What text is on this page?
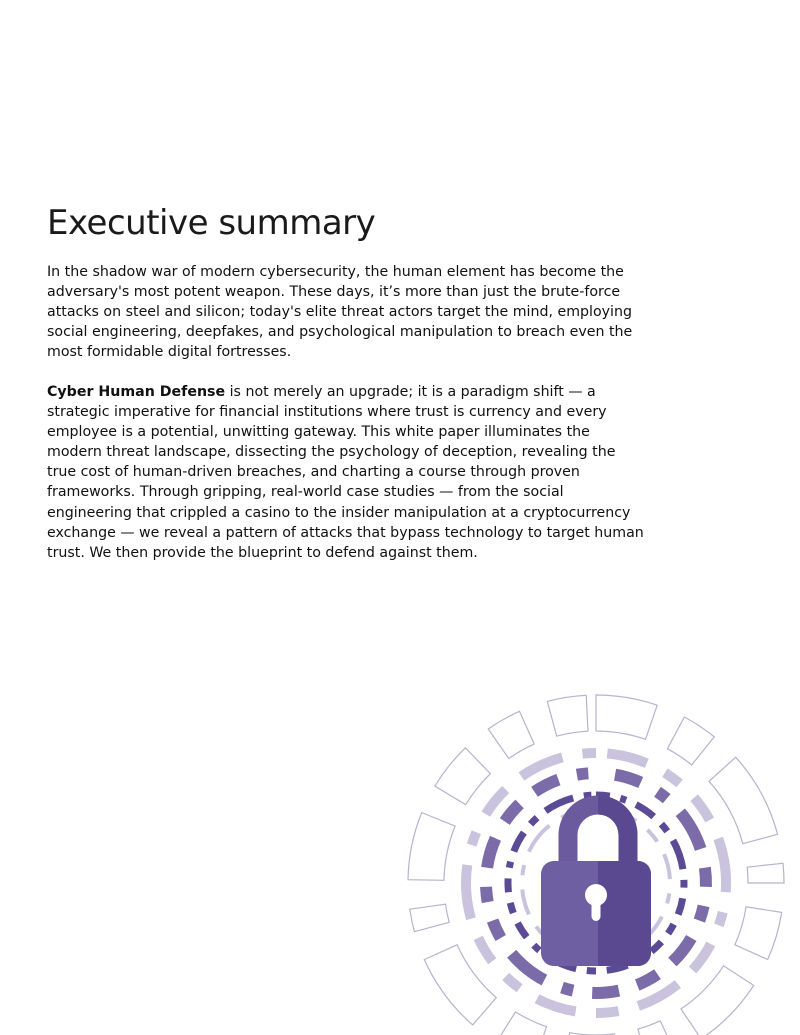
Executive summary

In the shadow war of modern cybersecurity, the human element has become the adversary's most potent weapon. These days, it’s more than just the brute-force attacks on steel and silicon; today's elite threat actors target the mind, employing social engineering, deepfakes, and psychological manipulation to breach even the most formidable digital fortresses.

Cyber Human Defense is not merely an upgrade; it is a paradigm shift — a strategic imperative for financial institutions where trust is currency and every employee is a potential, unwitting gateway. This white paper illuminates the modern threat landscape, dissecting the psychology of deception, revealing the true cost of human-driven breaches, and charting a course through proven frameworks. Through gripping, real-world case studies — from the social engineering that crippled a casino to the insider manipulation at a cryptocurrency exchange — we reveal a pattern of attacks that bypass technology to target human trust. We then provide the blueprint to defend against them.
